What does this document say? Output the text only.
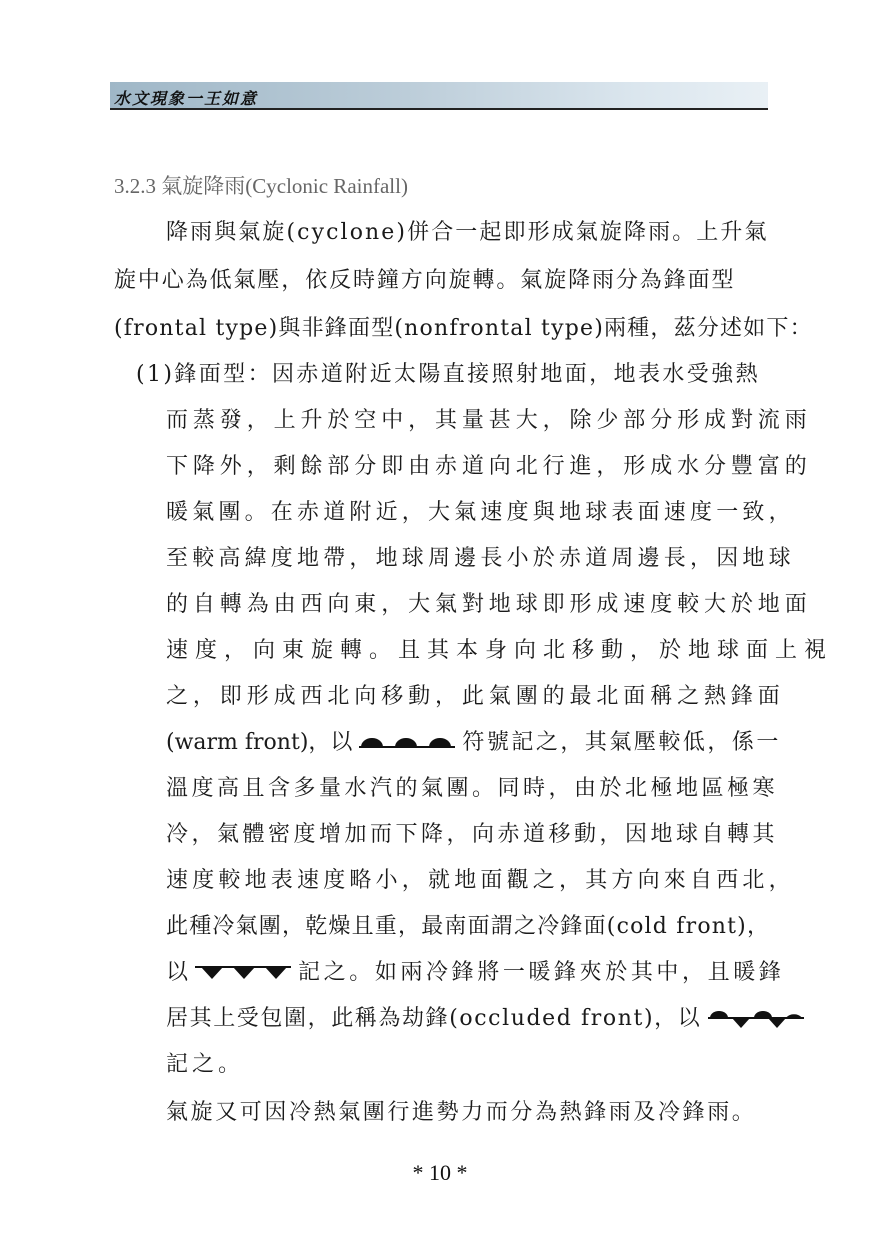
水文現象一王如意
3.2.3 氣旋降雨(Cyclonic Rainfall)
降雨與氣旋(cyclone)併合一起即形成氣旋降雨。上升氣
旋中心為低氣壓，依反時鐘方向旋轉。氣旋降雨分為鋒面型
(frontal type)與非鋒面型(nonfrontal type)兩種，茲分述如下：
(1)鋒面型：因赤道附近太陽直接照射地面，地表水受強熱
而蒸發，上升於空中，其量甚大，除少部分形成對流雨
下降外，剩餘部分即由赤道向北行進，形成水分豐富的
暖氣團。在赤道附近，大氣速度與地球表面速度一致，
至較高緯度地帶，地球周邊長小於赤道周邊長，因地球
的自轉為由西向東，大氣對地球即形成速度較大於地面
速度，向東旋轉。且其本身向北移動，於地球面上視
之，即形成西北向移動，此氣團的最北面稱之熱鋒面
(warm front)，以	符號記之，其氣壓較低，係一
溫度高且含多量水汽的氣團。同時，由於北極地區極寒
冷，氣體密度增加而下降，向赤道移動，因地球自轉其
速度較地表速度略小，就地面觀之，其方向來自西北，
此種冷氣團，乾燥且重，最南面謂之冷鋒面(cold front)，
以	記之。如兩冷鋒將一暖鋒夾於其中，且暖鋒
居其上受包圍，此稱為劫鋒(occluded front)，以
記之。
氣旋又可因冷熱氣團行進勢力而分為熱鋒雨及冷鋒雨。
* 10 *
